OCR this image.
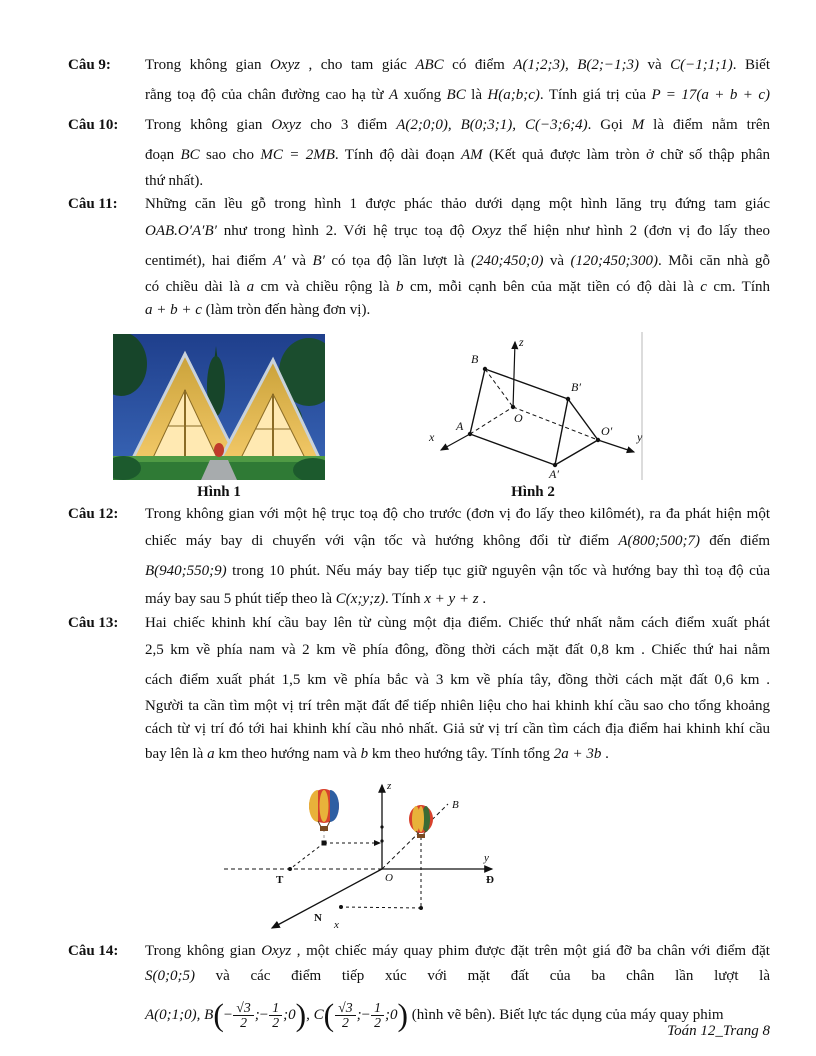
Câu 9:	Trong không gian Oxyz , cho tam giác ABC có điểm A(1;2;3), B(2;−1;3) và C(−1;1;1). Biết
rằng toạ độ của chân đường cao hạ từ A xuống BC là H(a;b;c). Tính giá trị của P = 17(a + b + c)
Câu 10:	Trong không gian Oxyz cho 3 điểm A(2;0;0), B(0;3;1), C(−3;6;4). Gọi M là điểm nằm trên
đoạn BC sao cho MC = 2MB. Tính độ dài đoạn AM (Kết quả được làm tròn ở chữ số thập phân
thứ nhất).
Câu 11:	Những căn lều gỗ trong hình 1 được phác thảo dưới dạng một hình lăng trụ đứng tam giác
OAB.O′A′B′ như trong hình 2. Với hệ trục toạ độ Oxyz thể hiện như hình 2 (đơn vị đo lấy theo
centimét), hai điểm A′ và B′ có tọa độ lần lượt là (240;450;0) và (120;450;300). Mỗi căn nhà gỗ
có chiều dài là a cm và chiều rộng là b cm, mỗi cạnh bên của mặt tiền có độ dài là c cm. Tính
a + b + c (làm tròn đến hàng đơn vị).
Hình 1
z
B
B′
O
A
x
A′
O′ y
Hình 2
Câu 12:	Trong không gian với một hệ trục toạ độ cho trước (đơn vị đo lấy theo kilômét), ra đa phát hiện một
chiếc máy bay di chuyển với vận tốc và hướng không đổi từ điểm A(800;500;7) đến điểm
B(940;550;9) trong 10 phút. Nếu máy bay tiếp tục giữ nguyên vận tốc và hướng bay thì toạ độ của
máy bay sau 5 phút tiếp theo là C(x;y;z). Tính x + y + z .
Câu 13:	Hai chiếc khinh khí cầu bay lên từ cùng một địa điểm. Chiếc thứ nhất nằm cách điểm xuất phát
2,5 km về phía nam và 2 km về phía đông, đồng thời cách mặt đất 0,8 km . Chiếc thứ hai nằm
cách điểm xuất phát 1,5 km về phía bắc và 3 km về phía tây, đồng thời cách mặt đất 0,6 km .
Người ta cần tìm một vị trí trên mặt đất để tiếp nhiên liệu cho hai khinh khí cầu sao cho tổng khoảng
cách từ vị trí đó tới hai khinh khí cầu nhỏ nhất. Giả sử vị trí cần tìm cách địa điểm hai khinh khí cầu
bay lên là a km theo hướng nam và b km theo hướng tây. Tính tổng 2a + 3b .
z
B
y
Đ
T	O
N
x
Câu 14:	Trong không gian Oxyz , một chiếc máy quay phim được đặt trên một giá đỡ ba chân với điểm đặt
S(0;0;5) và các điểm tiếp xúc với mặt đất của ba chân lần lượt là
A(0;1;0), $B(- \frac{√3}{2}$ ;− $\frac{1}{2}$ ;0), $C( \frac{√3}{2}$ ;− $\frac{1}{2}$ ;0) (hình vẽ bên). Biết lực tác dụng của máy quay phim
Toán 12_Trang 8
